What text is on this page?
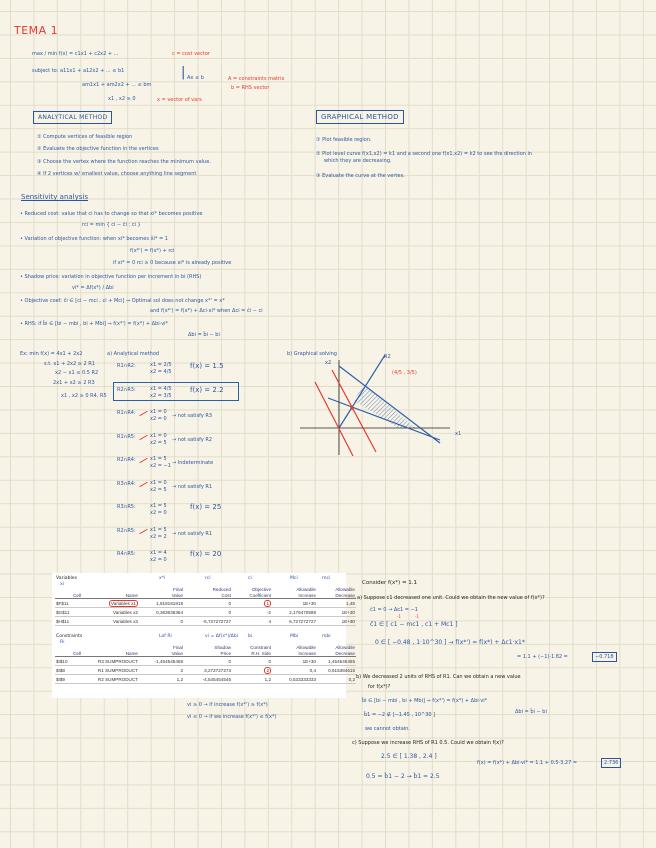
TEMA 1
max / min f(x) = c1x1 + c2x2 + ...	c = cost vector
subject to: a11x1 + a12x2 + ... ≤ b1
am1x1 + am2x2 + ... ≤ bm
x1 , x2 ≥ 0
| Ax ≤ b	A = constraints matrix
b = RHS vector
x = vector of vars
ANALYTICAL METHOD
① Compute vertices of feasible region
② Evaluate the objective function in the vertices
③ Choose the vertex where the function reaches the minimum value.
④ If 2 vertices w/ smallest value, choose anything line segment
GRAPHICAL METHOD
① Plot feasible region.
② Plot level curve f(x1,x2) = k1 and a second one f(x1,x2) = k2 to see the direction in
which they are decreasing.
③ Evaluate the curve at the vertex.
Sensitivity analysis
• Reduced cost: value that ci has to change so that xi* becomes positive
rci = min { ci − ĉi ; ci }
• Variation of objective function: when xi* becomes x̂i* = 1
f(x*') = f(x*) + rci
if xi* = 0 rci ≥ 0 because xi* is already positive
• Shadow price: variation in objective function per increment in bi (RHS)
vi* = Δf(x*) / Δbi
• Objective coef: ĉi ∈ [ci − mci , ci + Mci] ⇒ Optimal sol does not change x*' = x*
and f(x*') = f(x*) + Δci·xi* when Δci = ĉi − ci
• RHS: if b̂i ∈ [bi − mbi , bi + Mbi] ⇒ f(x*') = f(x*) + Δbi·vi*
Δbi = b̂i − bi
Ex: min f(x) = 4x1 + 2x2
s.t. x1 + 2x2 ≥ 2 R1
x2 − x1 ≤ 0.5 R2
2x1 + x2 ≥ 2 R3
x1 , x2 ≥ 0 R4, R5
a) Analytical method
R1∩R2:	x1 = 2/5
x2 = 4/5
f(x) = 1.5
R2∩R3:	x1 = 4/5
x2 = 3/5
f(x) = 2.2
R1∩R4:	x1 = 0
x2 = 0 → not satisfy R3
R1∩R5:	x1 = 0
x2 = 5 → not satisfy R2
R2∩R4:	x1 = 5
x2 = −1 → Indeterminate
R3∩R4:	x1 = 0
x2 = 5 → not satisfy R1
R3∩R5:	x1 = 5
x2 = 0
f(x) = 25
R2∩R5:	x1 = 5
x2 = 2 → not satisfy R1
R4∩R5:	x1 = 4
x2 = 0
f(x) = 20
b) Graphical solving
(4/5 , 3/5)
x2
x1
R2
Variables
Constraints
		Final	Reduced	Objective	Allowable	Allowable
Cell	Name	Value	Cost	Coefficient	Increase	Decrease
$F$11	Variables x1	1,818181818	0	1	1E+30	1,48
$G$11	Variables x2	0,363636364	0	-2	2,176470588	1E+30
$H$11	Variables x3	0	-6,727272727	4	6,727272727	1E+30
		Final	Shadow	Constraint	Allowable	Allowable
Cell	Name	Value	Price	R.H. Side	Increase	Decrease
$I$10	R3 SUMPRODUCT	-1,454545455	0	0	1E+30	1,454545455
$I$8	R1 SUMPRODUCT	2	3,272727273	2	0,4	0,615384615
$I$9	R2 SUMPRODUCT	1,2	-4,545454545	1,2	0,533333333	0,2
vi ≥ 0 → if increase f(x*') ≥ f(x*)
vi ≤ 0 → if we increase f(x*') ≤ f(x*)
Consider f(x*) = 1.1
a) Suppose c1 decreased one unit. Could we obtain the new value of f(x*)?
ĉ1 = 0 → Δc1 = −1
ĉ1 ∈ [ c1 − mc1 , c1 + Mc1 ]
-1           -1
0 ∈ [ −0.48 , 1·10^30 ] → f(x*') = f(x*) + Δc1·x1*
= 1.1 + (−1)·1.82 =	−0.718
b) We decreased 2 units of RHS of R1. Can we obtain a new value
for f(x*)?
b̂i ∈ [bi − mbi , bi + Mbi] ⇒ f(x*') = f(x*) + Δbi·vi*
Δbi = b̂i − bi
b̂1 = −2 ∉ [−1.45 , 10^30 ]
we cannot obtain.
c) Suppose we increase RHS of R1 0.5. Could we obtain f(x)?
2.5 ∈ [ 1.38 , 2.4 ]
f(x) = f(x*) + Δbi·vi* = 1.1 + 0.5·3.27 =	2.736
0.5 = b̂1 − 2 → b̂1 = 2.5
xi
x*i	rci	ci	Mci	mci
Ri
Lof Ri	vi = Δf(x*)/Δbi bi	Mbi	mbi
